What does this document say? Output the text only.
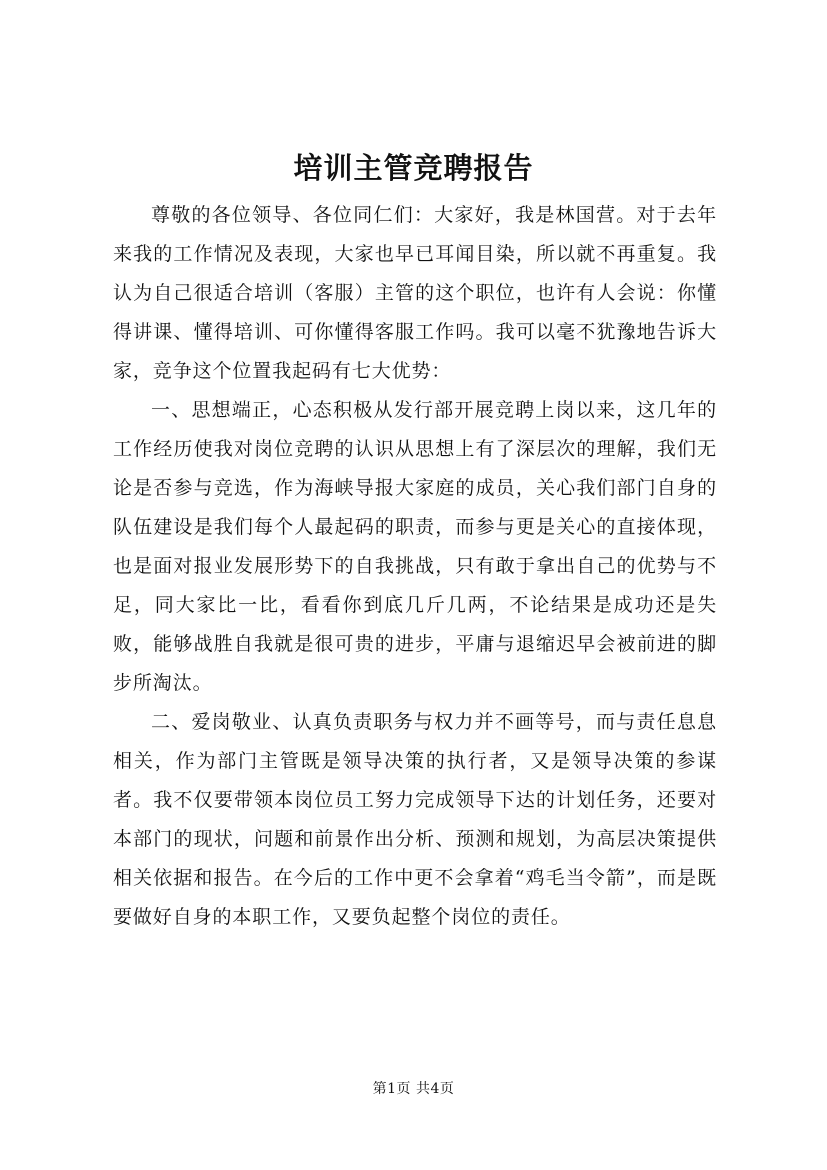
培训主管竞聘报告

尊敬的各位领导、各位同仁们：大家好，我是林国营。对于去年来我的工作情况及表现，大家也早已耳闻目染，所以就不再重复。我认为自己很适合培训（客服）主管的这个职位，也许有人会说：你懂得讲课、懂得培训、可你懂得客服工作吗。我可以毫不犹豫地告诉大家，竞争这个位置我起码有七大优势：

一、思想端正，心态积极从发行部开展竞聘上岗以来，这几年的工作经历使我对岗位竞聘的认识从思想上有了深层次的理解，我们无论是否参与竞选，作为海峡导报大家庭的成员，关心我们部门自身的队伍建设是我们每个人最起码的职责，而参与更是关心的直接体现，也是面对报业发展形势下的自我挑战，只有敢于拿出自己的优势与不足，同大家比一比，看看你到底几斤几两，不论结果是成功还是失败，能够战胜自我就是很可贵的进步，平庸与退缩迟早会被前进的脚步所淘汰。

二、爱岗敬业、认真负责职务与权力并不画等号，而与责任息息相关，作为部门主管既是领导决策的执行者，又是领导决策的参谋者。我不仅要带领本岗位员工努力完成领导下达的计划任务，还要对本部门的现状，问题和前景作出分析、预测和规划，为高层决策提供相关依据和报告。在今后的工作中更不会拿着“鸡毛当令箭”，而是既要做好自身的本职工作，又要负起整个岗位的责任。

第1页 共4页
